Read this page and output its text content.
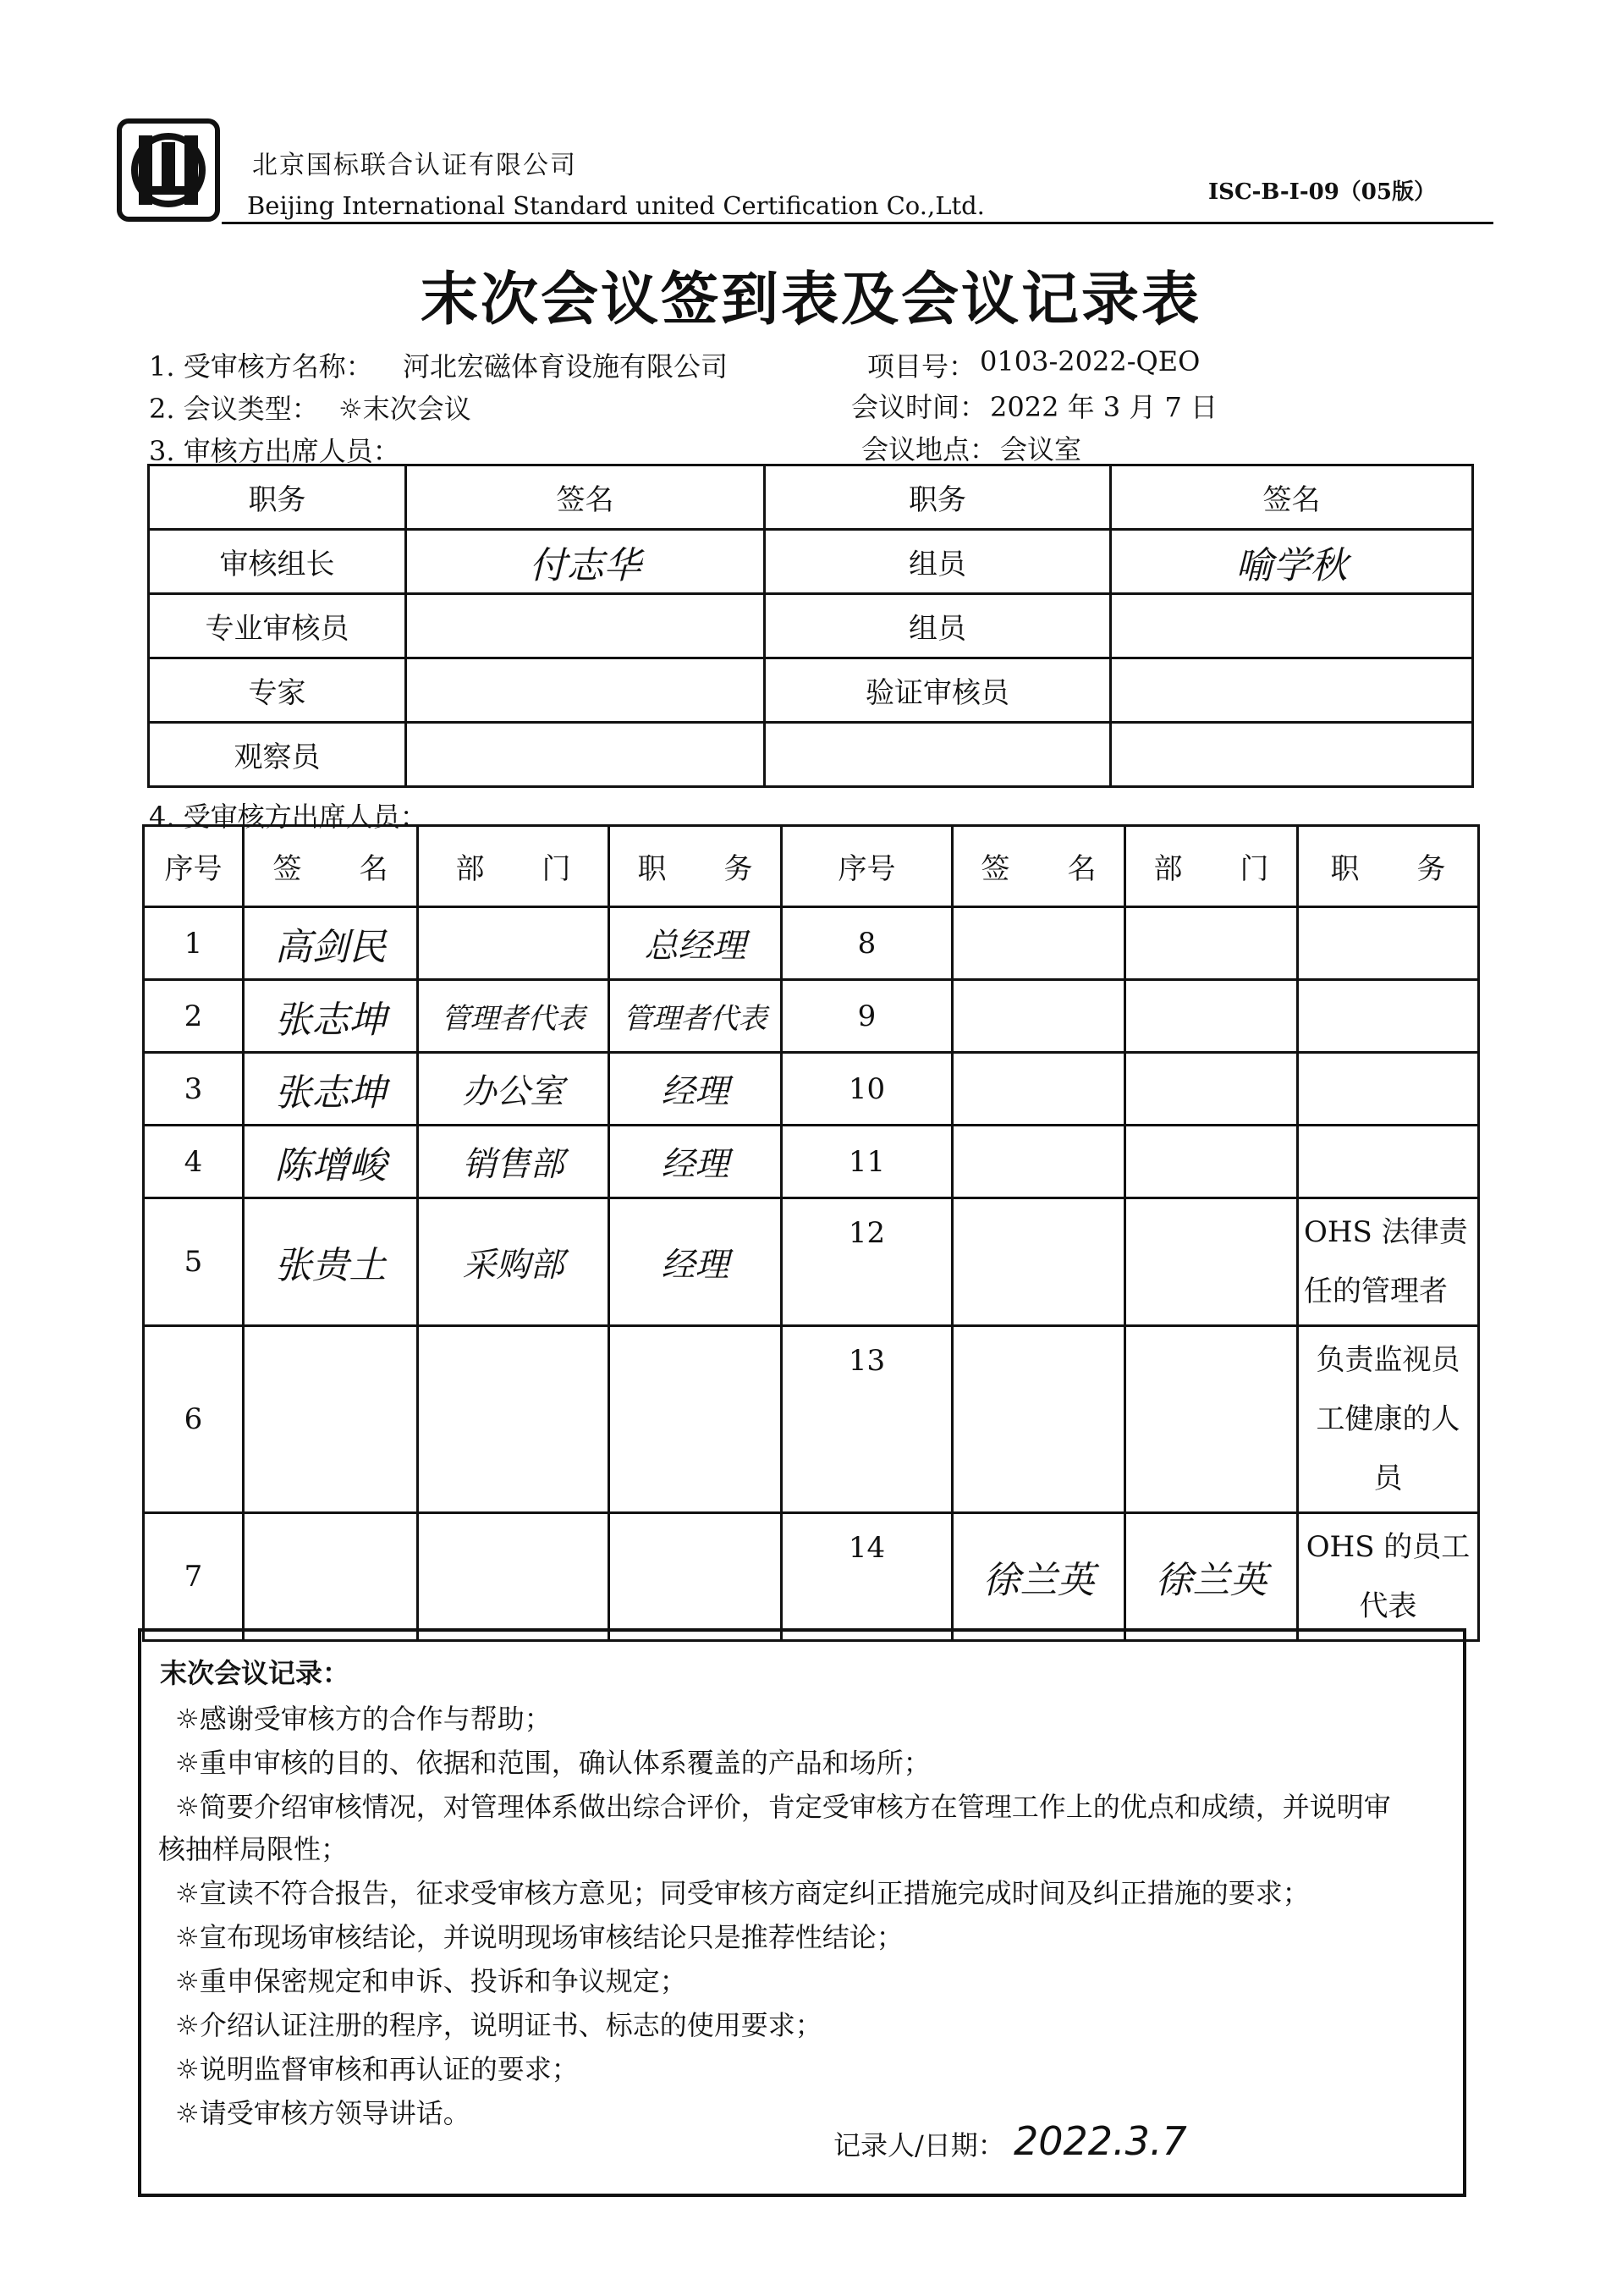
北京国标联合认证有限公司
Beijing International Standard united Certification Co.,Ltd.	ISC-B-I-09（05版）
末次会议签到表及会议记录表
1. 受审核方名称： 河北宏磁体育设施有限公司	项目号： 0103-2022-QEO
2. 会议类型： ☼末次会议	会议时间： 2022 年 3 月 7 日
3. 审核方出席人员：	会议地点： 会议室
职务	签名	职务	签名
审核组长	付志华	组员	喻学秋
专业审核员		组员	
专家		验证审核员	
观察员			
4. 受审核方出席人员：
序号	签　　名	部　　门	职　　务	序号	签　　名	部　　门	职　　务
1	高剑民		总经理	8			
2	张志坤	管理者代表	管理者代表	9			
3	张志坤	办公室	经理	10			
4	陈增峻	销售部	经理	11			
5	张贵土	采购部	经理	12			OHS 法律责任的管理者
6				13			负责监视员工健康的人员
7				14	徐兰英	徐兰英	OHS 的员工代表
末次会议记录：
☼感谢受审核方的合作与帮助；
☼重申审核的目的、依据和范围，确认体系覆盖的产品和场所；
☼简要介绍审核情况，对管理体系做出综合评价，肯定受审核方在管理工作上的优点和成绩，并说明审
核抽样局限性；
☼宣读不符合报告，征求受审核方意见；同受审核方商定纠正措施完成时间及纠正措施的要求；
☼宣布现场审核结论，并说明现场审核结论只是推荐性结论；
☼重申保密规定和申诉、投诉和争议规定；
☼介绍认证注册的程序，说明证书、标志的使用要求；
☼说明监督审核和再认证的要求；
☼请受审核方领导讲话。
记录人/日期： 2022.3.7
